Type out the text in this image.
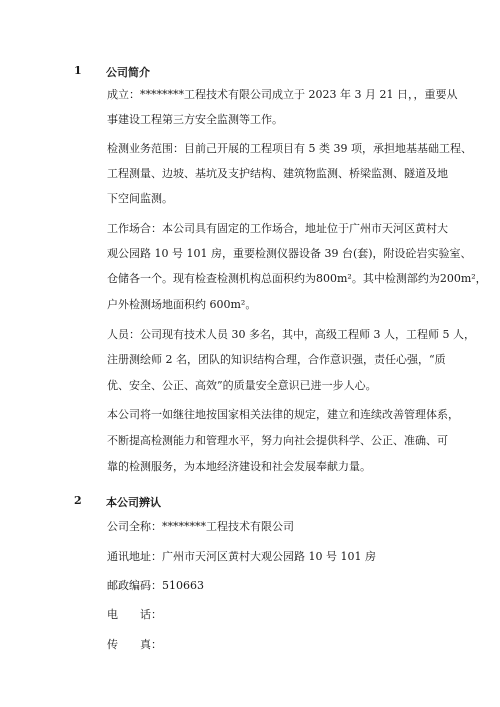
1 公司简介
成立：********工程技术有限公司成立于 2023 年 3 月 21 日，，重要从
事建设工程第三方安全监测等工作。
检测业务范围：目前己开展的工程项目有 5 类 39 项，承担地基基础工程、
工程测量、边坡、基坑及支护结构、建筑物监测、桥梁监测、隧道及地
下空间监测。
工作场合：本公司具有固定的工作场合，地址位于广州市天河区黄村大
观公园路 10 号 101 房，重要检测仪器设备 39 台(套)，附设砼岩实验室、
仓储各一个。现有检查检测机构总面积约为800m²。其中检测部约为200m²，
户外检测场地面积约 600m²。
人员：公司现有技术人员 30 多名，其中，高级工程师 3 人，工程师 5 人，
注册测绘师 2 名，团队的知识结构合理，合作意识强，责任心强，“质
优、安全、公正、高效”的质量安全意识已进一步人心。
本公司将一如继往地按国家相关法律的规定，建立和连续改善管理体系，
不断提高检测能力和管理水平，努力向社会提供科学、公正、准确、可
靠的检测服务，为本地经济建设和社会发展奉献力量。
2 本公司辨认
公司全称：********工程技术有限公司
通讯地址：广州市天河区黄村大观公园路 10 号 101 房
邮政编码：510663
电　　话：
传　　真：
